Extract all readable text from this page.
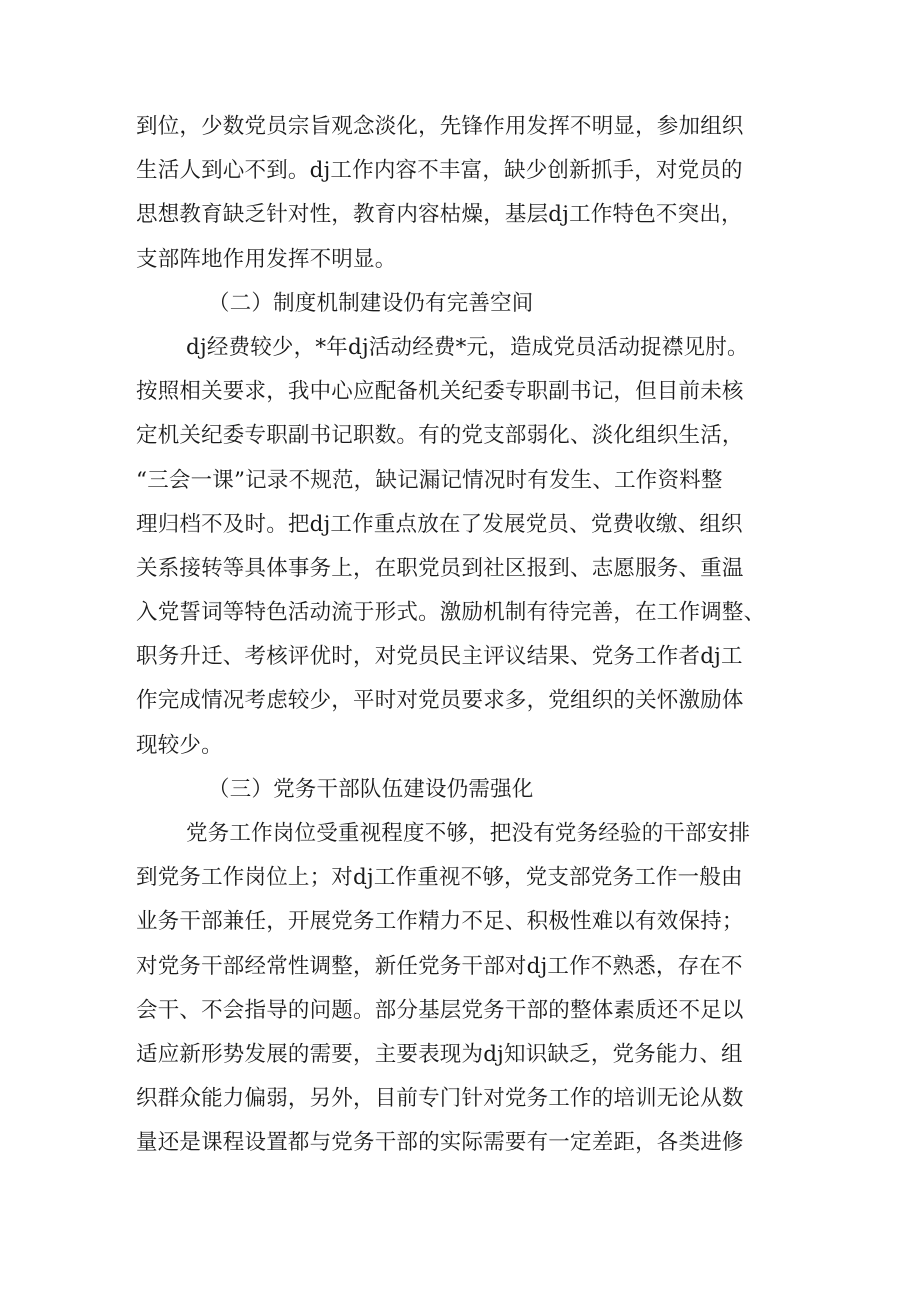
到位，少数党员宗旨观念淡化，先锋作用发挥不明显，参加组织
生活人到心不到。dj工作内容不丰富，缺少创新抓手，对党员的
思想教育缺乏针对性，教育内容枯燥，基层dj工作特色不突出，
支部阵地作用发挥不明显。
（二）制度机制建设仍有完善空间
dj经费较少，*年dj活动经费*元，造成党员活动捉襟见肘。
按照相关要求，我中心应配备机关纪委专职副书记，但目前未核
定机关纪委专职副书记职数。有的党支部弱化、淡化组织生活，
“三会一课”记录不规范，缺记漏记情况时有发生、工作资料整
理归档不及时。把dj工作重点放在了发展党员、党费收缴、组织
关系接转等具体事务上，在职党员到社区报到、志愿服务、重温
入党誓词等特色活动流于形式。激励机制有待完善，在工作调整、
职务升迁、考核评优时，对党员民主评议结果、党务工作者dj工
作完成情况考虑较少，平时对党员要求多，党组织的关怀激励体
现较少。
（三）党务干部队伍建设仍需强化
党务工作岗位受重视程度不够，把没有党务经验的干部安排
到党务工作岗位上；对dj工作重视不够，党支部党务工作一般由
业务干部兼任，开展党务工作精力不足、积极性难以有效保持；
对党务干部经常性调整，新任党务干部对dj工作不熟悉，存在不
会干、不会指导的问题。部分基层党务干部的整体素质还不足以
适应新形势发展的需要，主要表现为dj知识缺乏，党务能力、组
织群众能力偏弱，另外，目前专门针对党务工作的培训无论从数
量还是课程设置都与党务干部的实际需要有一定差距，各类进修
